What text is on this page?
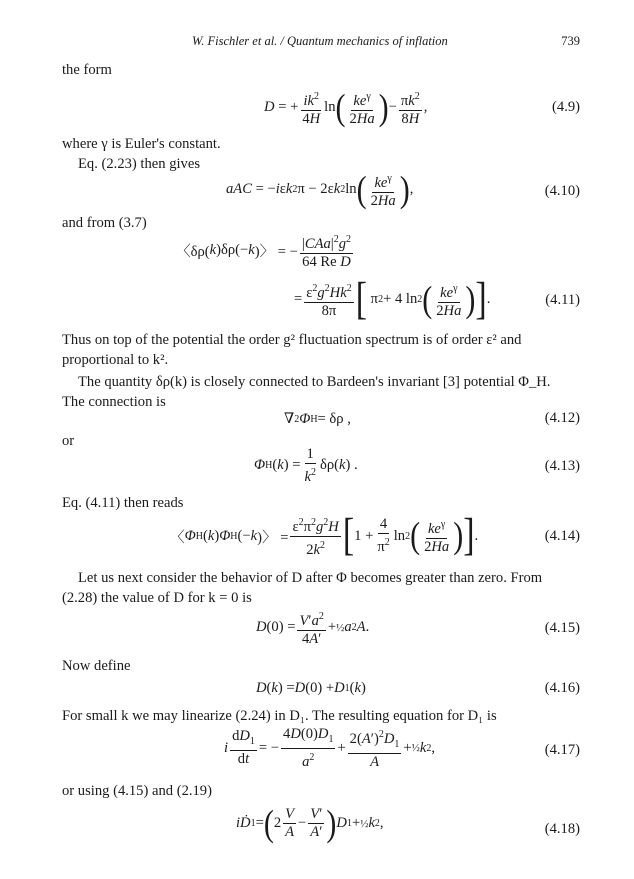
W. Fischler et al. / Quantum mechanics of inflation	739
the form
D = + $ik^2$
4H
ln ( $ke^\gamma$
2Ha ) − $\pi k^2$
8H
,	(4.9)
where γ is Euler's constant.
Eq. (2.23) then gives
aAC = − i ε k 2 π − 2ε k 2 ln ( $ke^\gamma$
2Ha ) ,	(4.10)
and from (3.7)
〈δρ( k )δρ(− k )〉 = −
$|CAa|^2g^2$
64 Re D
= $\varepsilon^2g^2Hk^2$
8π [ π 2 + 4 ln 2 ( $ke^\gamma$
2Ha ) ] .	(4.11)
Thus on top of the potential the order g² fluctuation spectrum is of order ε² and
proportional to k².
The quantity δρ(k) is closely connected to Bardeen's invariant [3] potential Φ_H.
The connection is
∇ 2 Φ H = δρ ,	(4.12)
or
Φ H ( k ) =
1
$k^2$ δρ( k ) .	(4.13)
Eq. (4.11) then reads
〈 Φ H ( k ) Φ H (− k )〉 =
$\varepsilon^2\pi^2g^2H$
$2k^2$ [ 1 +
4
$\pi^2$ ln 2 ( $ke^\gamma$
2Ha ) ] .	(4.14)
Let us next consider the behavior of D after Φ becomes greater than zero. From
(2.28) the value of D for k = 0 is
D $(0) = V'a^2$
4A′
+ ½ a 2 A .	(4.15)
Now define
D ( k ) = D (0) + D 1 ( k )	(4.16)
For small k we may linearize (2.24) in D₁. The resulting equation for D₁ is
i
$dD_1$
dt
= −
$4D(0)D_1$
$a^2$
+
$2(A')^2D_1$
A
+ ½ k 2 ,	(4.17)
or using (4.15) and (2.19)
iḊ 1 = ( 2
V
A
−
V′
A′ ) D 1 + ½ k 2 ,	(4.18)
